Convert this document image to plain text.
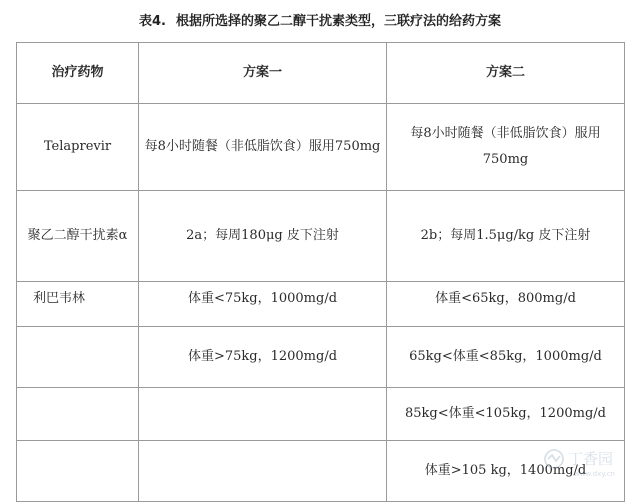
表4. 根据所选择的聚乙二醇干扰素类型，三联疗法的给药方案
治疗药物	方案一	方案二
Telaprevir	每8小时随餐（非低脂饮食）服用750mg	每8小时随餐（非低脂饮食）服用750mg
聚乙二醇干扰素α	2a；每周180μg 皮下注射	2b；每周1.5μg/kg 皮下注射
利巴韦林	体重<75kg，1000mg/d	体重<65kg，800mg/d
	体重>75kg，1200mg/d	65kg<体重<85kg，1000mg/d
		85kg<体重<105kg，1200mg/d
		体重>105 kg，1400mg/d
丁香园
www.dxy.cn
